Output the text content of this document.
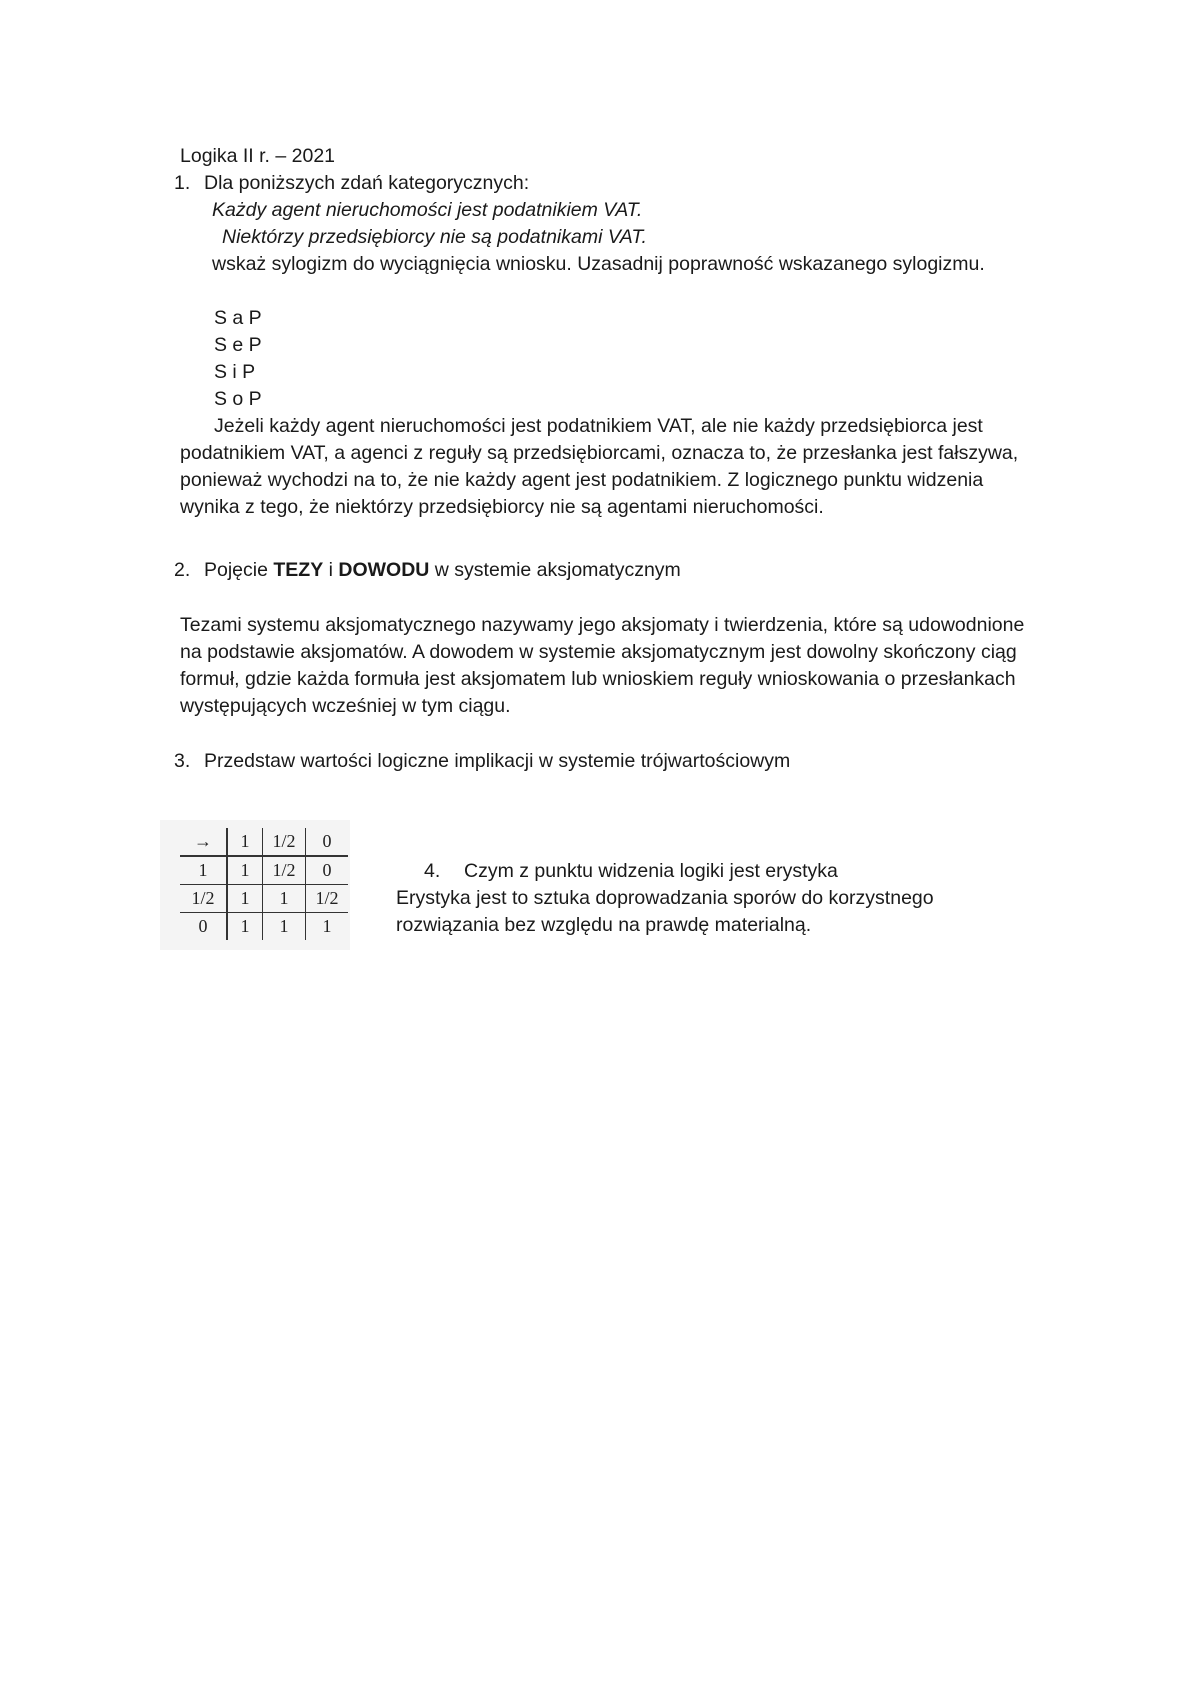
Logika II r. – 2021
1. Dla poniższych zdań kategorycznych:
Każdy agent nieruchomości jest podatnikiem VAT.
Niektórzy przedsiębiorcy nie są podatnikami VAT.
wskaż sylogizm do wyciągnięcia wniosku. Uzasadnij poprawność wskazanego sylogizmu.
S a P
S e P
S i P
S o P
Jeżeli każdy agent nieruchomości jest podatnikiem VAT, ale nie każdy przedsiębiorca jest
podatnikiem VAT, a agenci z reguły są przedsiębiorcami, oznacza to, że przesłanka jest fałszywa,
ponieważ wychodzi na to, że nie każdy agent jest podatnikiem. Z logicznego punktu widzenia
wynika z tego, że niektórzy przedsiębiorcy nie są agentami nieruchomości.
2. Pojęcie TEZY i DOWODU w systemie aksjomatycznym
Tezami systemu aksjomatycznego nazywamy jego aksjomaty i twierdzenia, które są udowodnione
na podstawie aksjomatów. A dowodem w systemie aksjomatycznym jest dowolny skończony ciąg
formuł, gdzie każda formuła jest aksjomatem lub wnioskiem reguły wnioskowania o przesłankach
występujących wcześniej w tym ciągu.
3. Przedstaw wartości logiczne implikacji w systemie trójwartościowym
→	1	1/2	0
1	1	1/2	0
1/2	1	1	1/2
0	1	1	1
4. Czym z punktu widzenia logiki jest erystyka
Erystyka jest to sztuka doprowadzania sporów do korzystnego
rozwiązania bez względu na prawdę materialną.
